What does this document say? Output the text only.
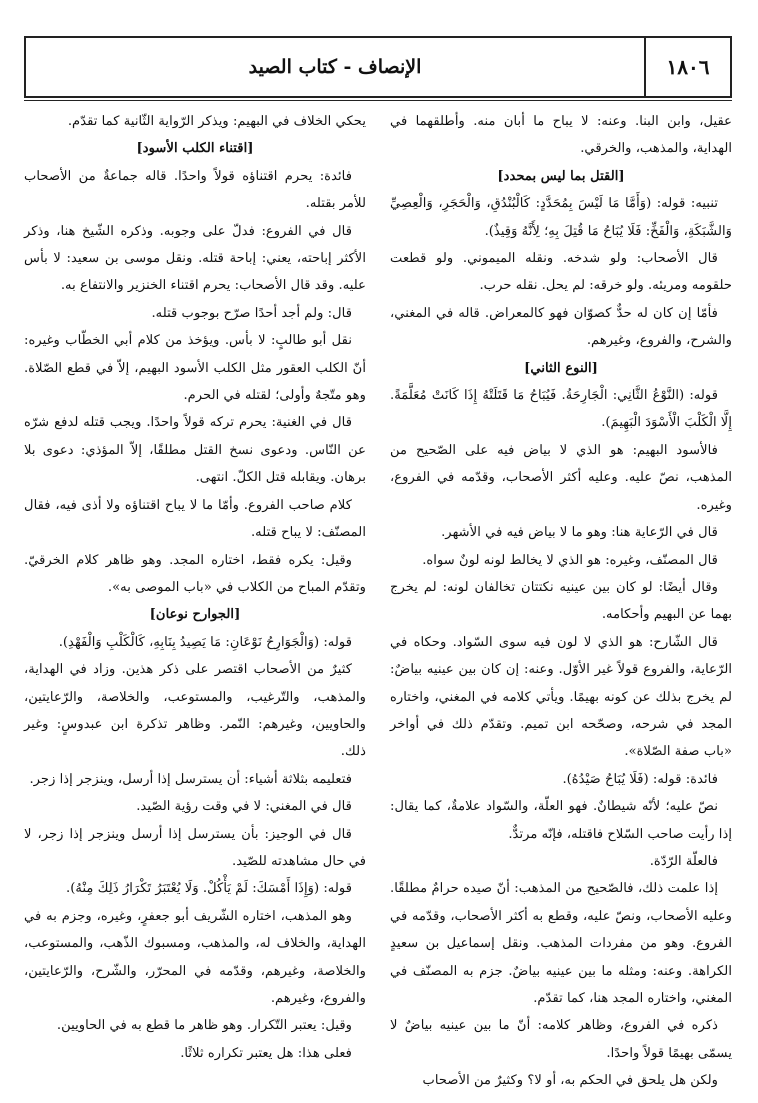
الإنصاف - كتاب الصيد	١٨٠٦

عقيل، وابن البنا. وعنه: لا يباح ما أبان منه. وأطلقهما في الهداية، والمذهب، والخرقي.

[القتل بما ليس بمحدد]

تنبيه: قوله: (وَأَمَّا مَا لَيْسَ بِمُحَدَّدٍ: كَالْبُنْدُقِ، وَالْحَجَرِ، وَالْعِصِيِّ وَالشَّبَكَةِ، وَالْفَخِّ: فَلَا يُبَاحُ مَا قُتِلَ بِهِ؛ لِأَنَّهُ وَقِيذٌ).

قال الأصحاب: ولو شدخه. ونقله الميموني. ولو قطعت حلقومه ومريئه. ولو خرقه: لم يحل. نقله حرب.

فأمّا إن كان له حدٌّ كصوّان فهو كالمعراض. قاله في المغني، والشرح، والفروع، وغيرهم.

[النوع الثاني]

قوله: (النَّوْعُ الثَّانِي: الْجَارِحَةُ. فَيُبَاحُ مَا قَتَلَتْهُ إِذَا كَانَتْ مُعَلَّمَةً. إِلَّا الْكَلْبَ الْأَسْوَدَ الْبَهِيمَ).

فالأسود البهيم: هو الذي لا بياض فيه على الصّحيح من المذهب، نصّ عليه. وعليه أكثر الأصحاب، وقدّمه في الفروع، وغيره.

قال في الرّعاية هنا: وهو ما لا بياض فيه في الأشهر.

قال المصنّف، وغيره: هو الذي لا يخالط لونه لونٌ سواه.

وقال أيضًا: لو كان بين عينيه نكتتان تخالفان لونه: لم يخرج بهما عن البهيم وأحكامه.

قال الشّارح: هو الذي لا لون فيه سوى السّواد. وحكاه في الرّعاية، والفروع قولاً غير الأوّل. وعنه: إن كان بين عينيه بياضٌ: لم يخرج بذلك عن كونه بهيمًا. ويأتي كلامه في المغني، واختاره المجد في شرحه، وصحّحه ابن تميم. وتقدّم ذلك في أواخر «باب صفة الصّلاة».

فائدة: قوله: (فَلَا يُبَاحُ صَيْدُهُ).

نصّ عليه؛ لأنّه شيطانٌ. فهو العلّة، والسّواد علامةٌ، كما يقال: إذا رأيت صاحب السّلاح فاقتله، فإنّه مرتدٌّ.

فالعلّة الرّدّة.

إذا علمت ذلك، فالصّحيح من المذهب: أنّ صيده حرامٌ مطلقًا. وعليه الأصحاب، ونصّ عليه، وقطع به أكثر الأصحاب، وقدّمه في الفروع. وهو من مفردات المذهب. ونقل إسماعيل بن سعيدٍ الكراهة. وعنه: ومثله ما بين عينيه بياضٌ. جزم به المصنّف في المغني، واختاره المجد هنا، كما تقدّم.

ذكره في الفروع، وظاهر كلامه: أنّ ما بين عينيه بياضٌ لا يسمّى بهيمًا قولاً واحدًا.

ولكن هل يلحق في الحكم به، أو لا؟ وكثيرٌ من الأصحاب

يحكي الخلاف في البهيم: ويذكر الرّواية الثّانية كما تقدّم.

[اقتناء الكلب الأسود]

فائدة: يحرم اقتناؤه قولاً واحدًا. قاله جماعةٌ من الأصحاب للأمر بقتله.

قال في الفروع: فدلّ على وجوبه. وذكره الشّيخ هنا، وذكر الأكثر إباحته، يعني: إباحة قتله. ونقل موسى بن سعيد: لا بأس عليه. وقد قال الأصحاب: يحرم اقتناء الخنزير والانتفاع به.

قال: ولم أجد أحدًا صرّح بوجوب قتله.

نقل أبو طالبٍ: لا بأس. ويؤخذ من كلام أبي الخطّاب وغيره: أنّ الكلب العقور مثل الكلب الأسود البهيم، إلاّ في قطع الصّلاة. وهو متّجهٌ وأولى؛ لقتله في الحرم.

قال في الغنية: يحرم تركه قولاً واحدًا. ويجب قتله لدفع شرّه عن النّاس. ودعوى نسخ القتل مطلقًا، إلاّ المؤذي: دعوى بلا برهان. ويقابله قتل الكلّ. انتهى.

كلام صاحب الفروع. وأمّا ما لا يباح اقتناؤه ولا أذى فيه، فقال المصنّف: لا يباح قتله.

وقيل: يكره فقط، اختاره المجد. وهو ظاهر كلام الخرقيّ. وتقدّم المباح من الكلاب في «باب الموصى به».

[الجوارح نوعان]

قوله: (وَالْجَوَارِحُ نَوْعَانِ: مَا يَصِيدُ بِنَابِهِ، كَالْكَلْبِ وَالْفَهْدِ).

كثيرٌ من الأصحاب اقتصر على ذكر هذين. وزاد في الهداية، والمذهب، والتّرغيب، والمستوعب، والخلاصة، والرّعايتين، والحاويين، وغيرهم: النّمر. وظاهر تذكرة ابن عبدوسٍ: وغير ذلك.

فتعليمه بثلاثة أشياء: أن يسترسل إذا أرسل، وينزجر إذا زجر.

قال في المغني: لا في وقت رؤية الصّيد.

قال في الوجيز: بأن يسترسل إذا أرسل وينزجر إذا زجر، لا في حال مشاهدته للصّيد.

قوله: (وَإِذَا أَمْسَكَ: لَمْ يَأْكُلْ. وَلَا يُعْتَبَرُ تَكْرَارُ ذَلِكَ مِنْهُ).

وهو المذهب، اختاره الشّريف أبو جعفرٍ، وغيره، وجزم به في الهداية، والخلاف له، والمذهب، ومسبوك الذّهب، والمستوعب، والخلاصة، وغيرهم، وقدّمه في المحرّر، والشّرح، والرّعايتين، والفروع، وغيرهم.

وقيل: يعتبر التّكرار. وهو ظاهر ما قطع به في الحاويين.

فعلى هذا: هل يعتبر تكراره ثلاثًا.
